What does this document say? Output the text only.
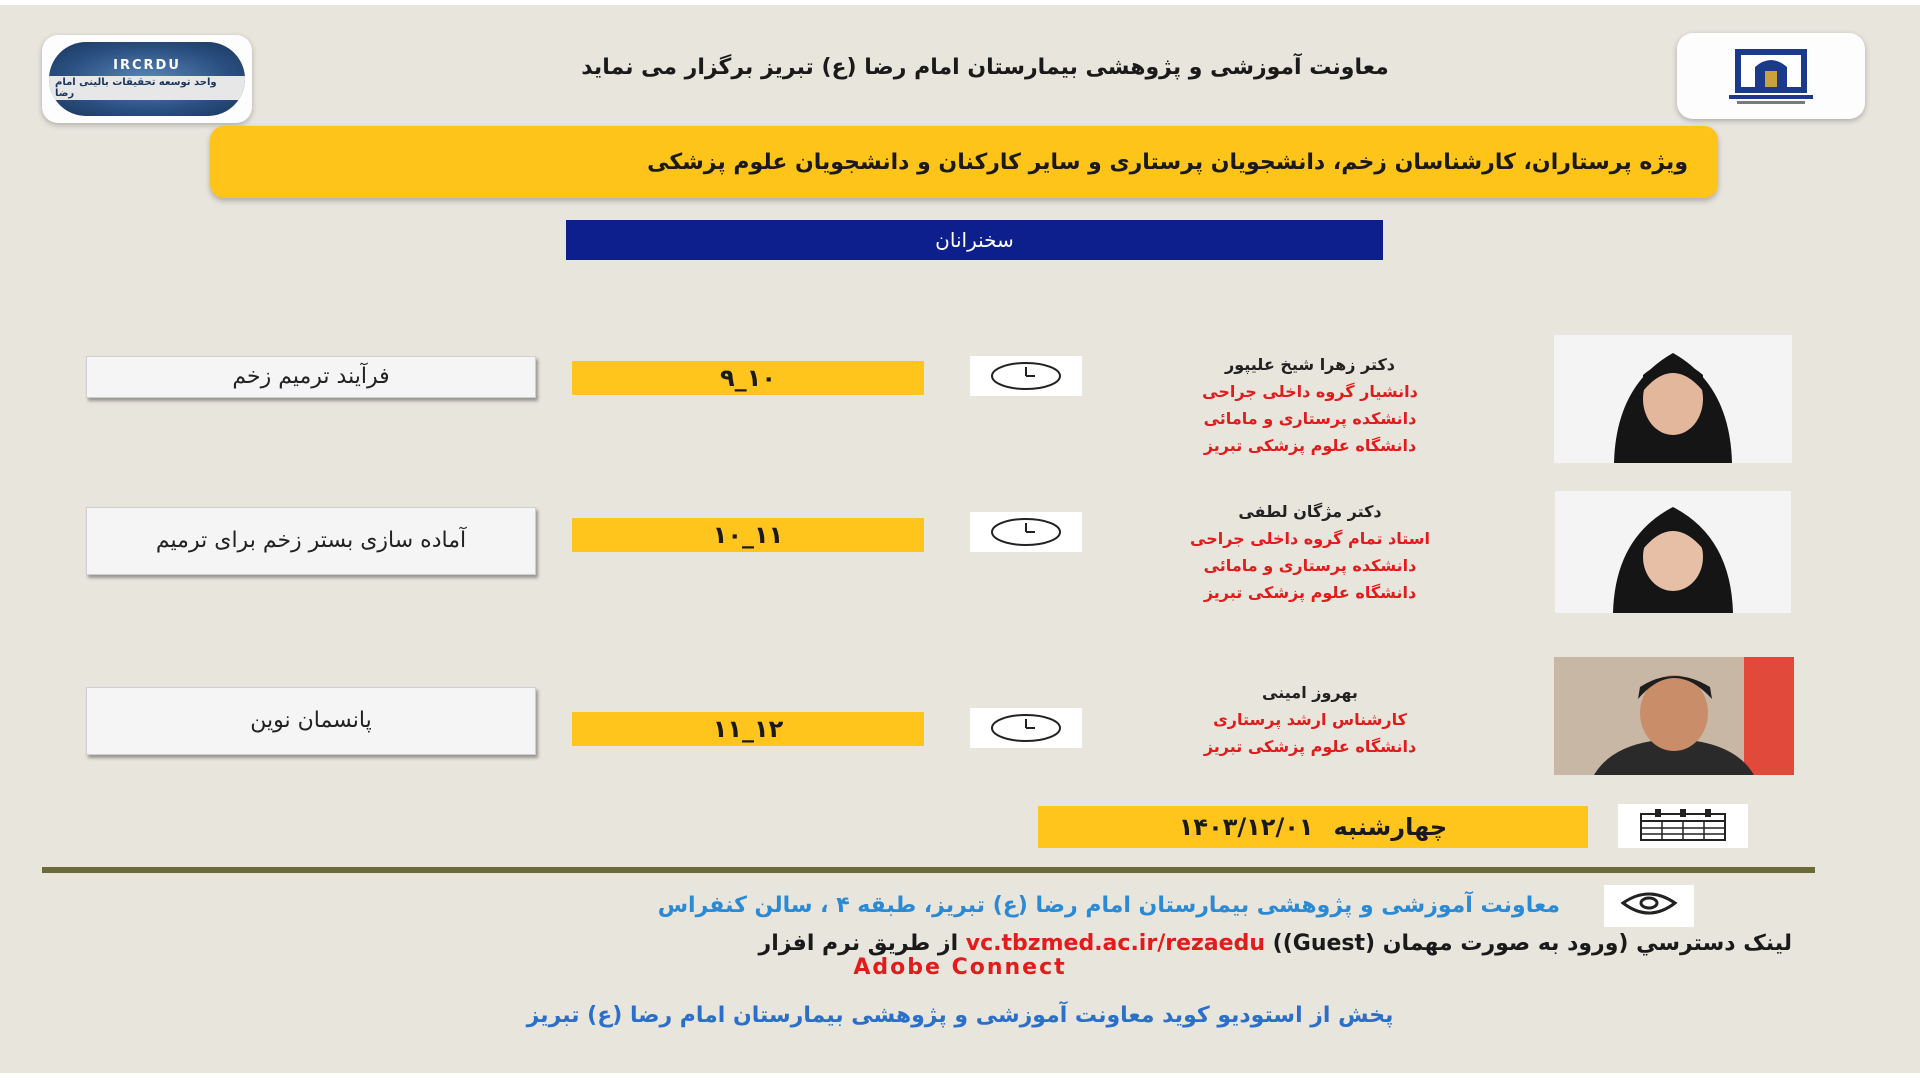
IRCRDU
واحد توسعه تحقیقات بالینی امام رضا
معاونت آموزشی و پژوهشی بیمارستان امام رضا (ع) تبریز برگزار می نماید
ویژه پرستاران، کارشناسان زخم، دانشجویان پرستاری و سایر کارکنان و دانشجویان علوم پزشکی
سخنرانان
فرآیند ترمیم زخم	۹_۱۰	دکتر زهرا شیخ علیپور
دانشیار گروه داخلی جراحی
دانشکده پرستاری و مامائی
دانشگاه علوم پزشکی تبریز
آماده سازی بستر زخم برای ترمیم	۱۰_۱۱
دکتر مژگان لطفی
استاد تمام گروه داخلی جراحی
دانشکده پرستاری و مامائی
دانشگاه علوم پزشکی تبریز
پانسمان نوین	۱۱_۱۲
بهروز امینی
کارشناس ارشد پرستاری
دانشگاه علوم پزشکی تبریز
چهارشنبه
۱۴۰۳/۱۲/۰۱
معاونت آموزشی و پژوهشی بیمارستان امام رضا (ع) تبریز، طبقه ۴ ، سالن کنفراس
لینک دسترسي (ورود به صورت مهمان (Guest)) vc.tbzmed.ac.ir/rezaedu از طریق نرم افزار
Adobe Connect
پخش از استودیو کوید معاونت آموزشی و پژوهشی بیمارستان امام رضا (ع) تبریز
